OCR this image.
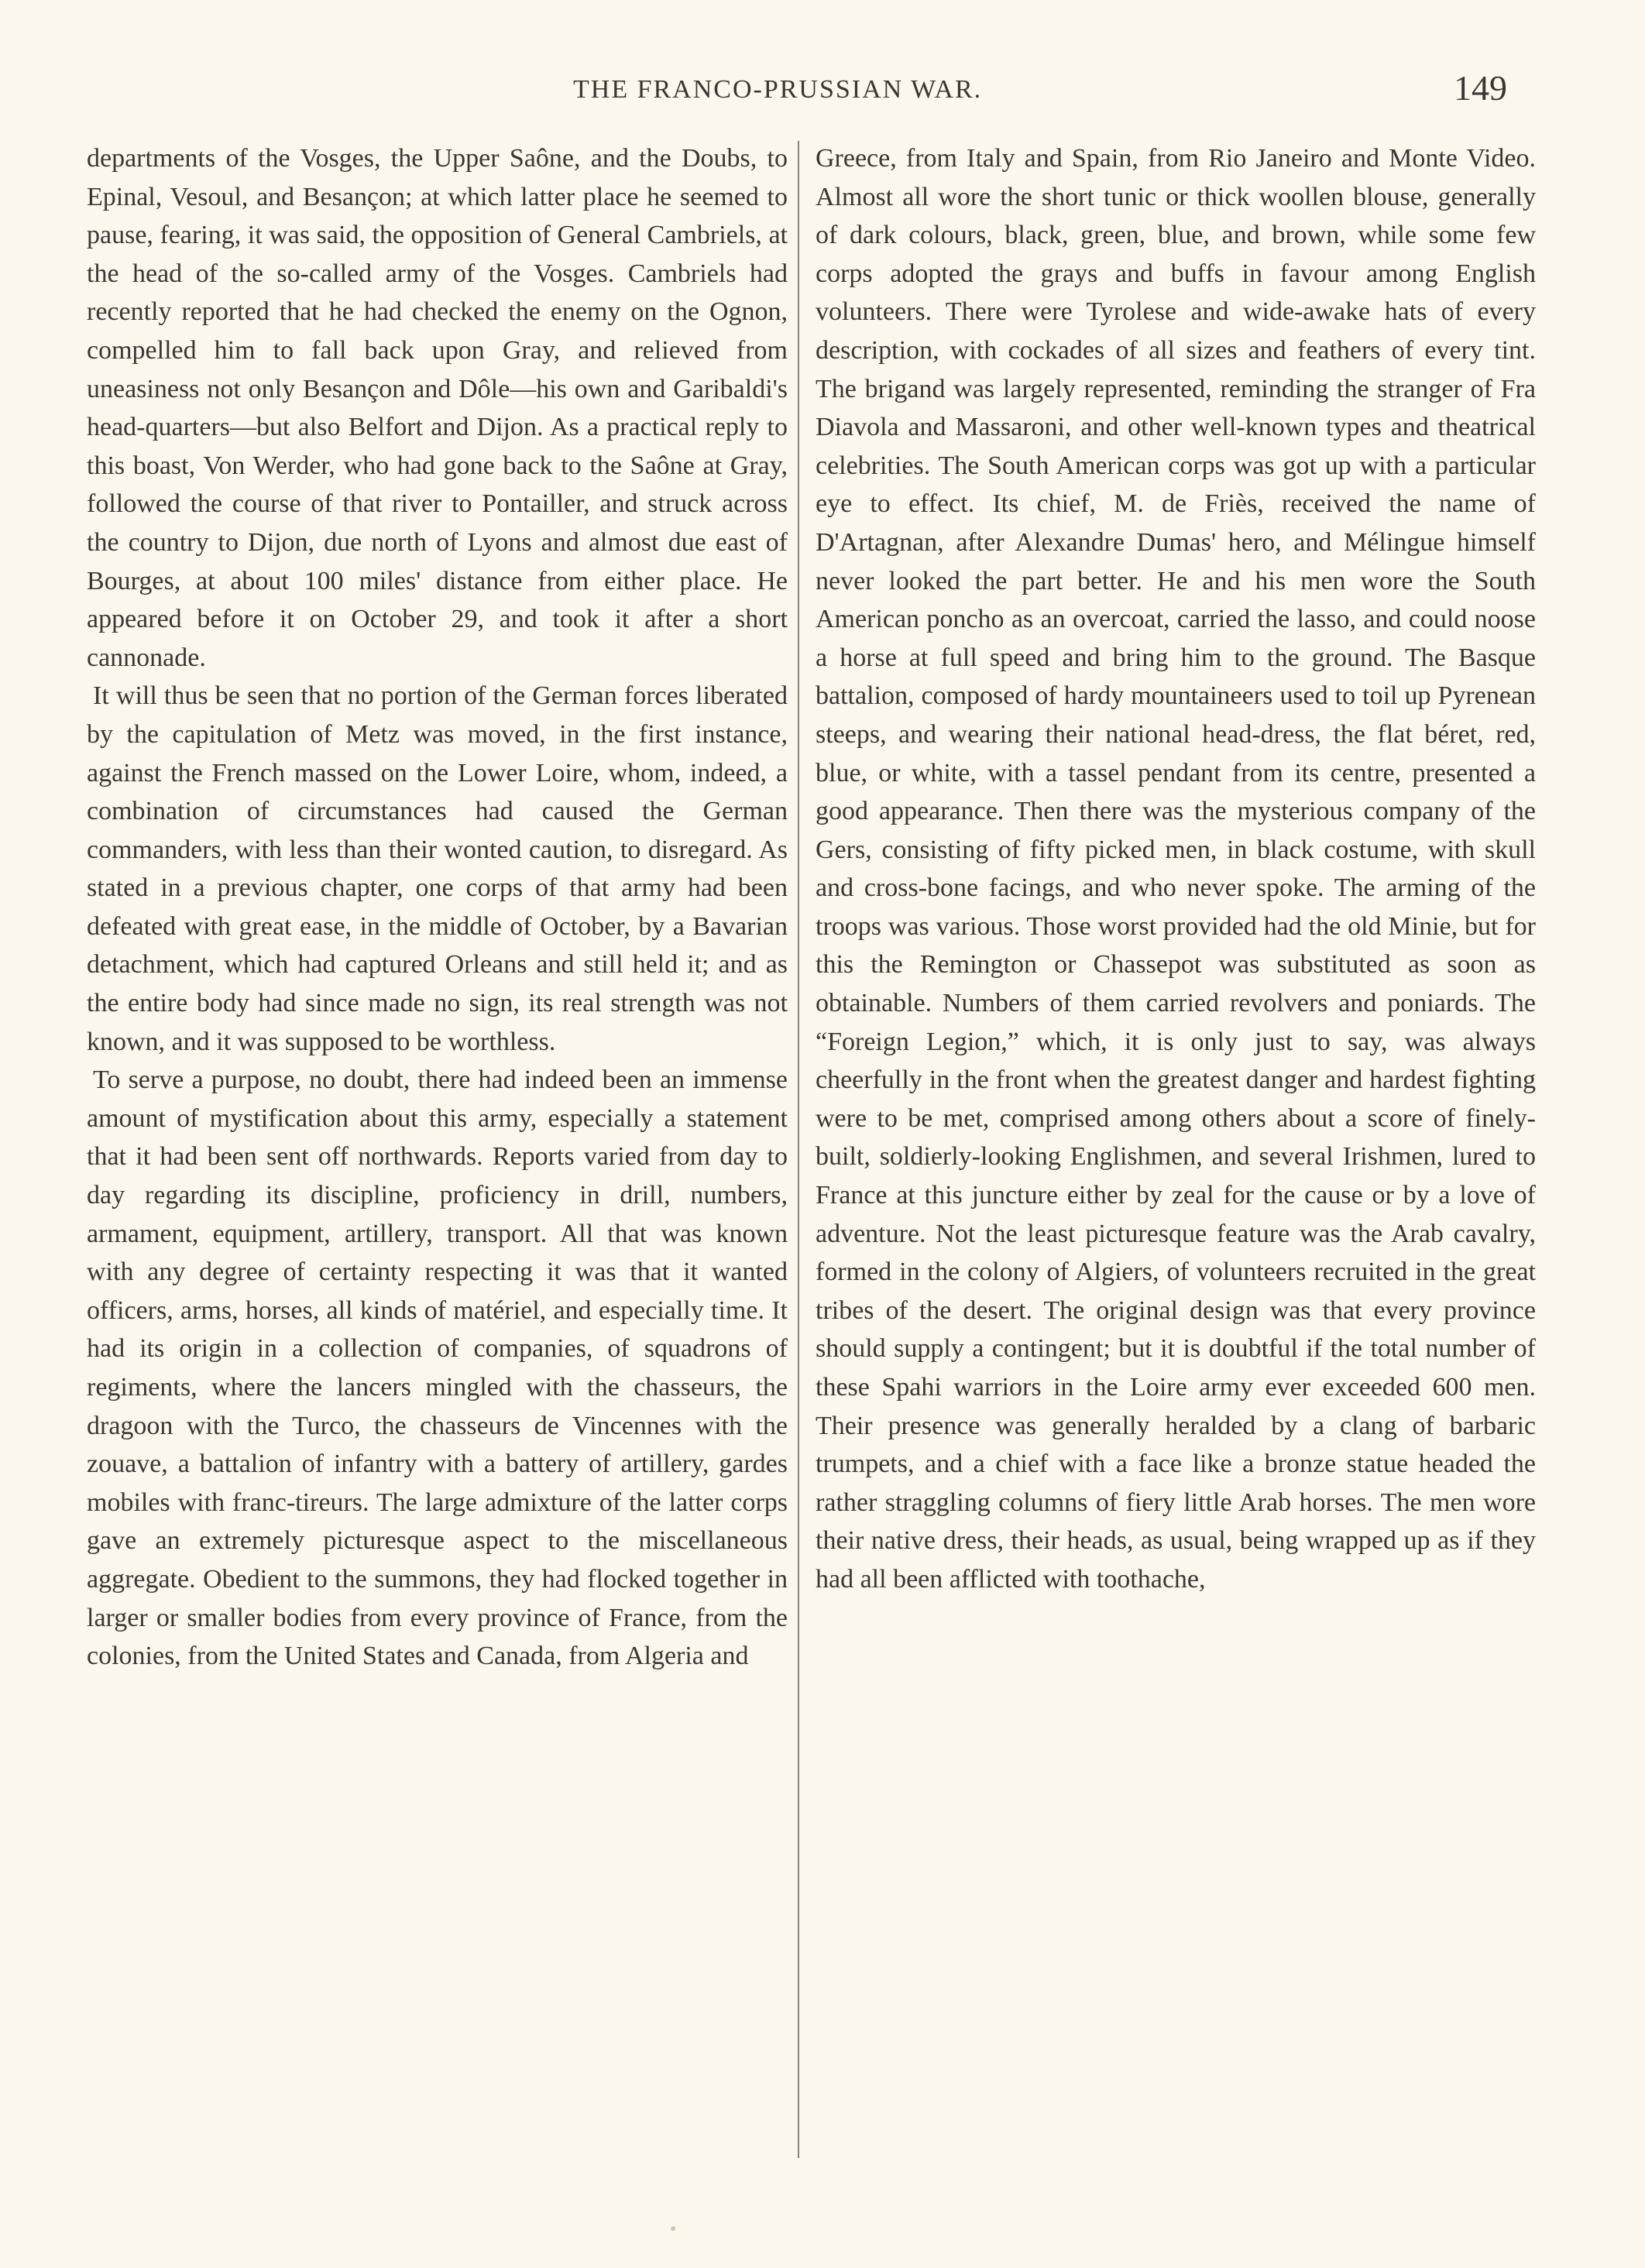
THE FRANCO-PRUSSIAN WAR.	149

departments of the Vosges, the Upper Saône, and the Doubs, to Epinal, Vesoul, and Besançon; at which latter place he seemed to pause, fearing, it was said, the opposition of General Cambriels, at the head of the so-called army of the Vosges. Cambriels had recently reported that he had checked the enemy on the Ognon, compelled him to fall back upon Gray, and relieved from uneasiness not only Besançon and Dôle—his own and Garibaldi's head-quarters—but also Belfort and Dijon. As a practical reply to this boast, Von Werder, who had gone back to the Saône at Gray, followed the course of that river to Pontailler, and struck across the country to Dijon, due north of Lyons and almost due east of Bourges, at about 100 miles' distance from either place. He appeared before it on October 29, and took it after a short cannonade.

It will thus be seen that no portion of the German forces liberated by the capitulation of Metz was moved, in the first instance, against the French massed on the Lower Loire, whom, indeed, a combination of circumstances had caused the German commanders, with less than their wonted caution, to disregard. As stated in a previous chapter, one corps of that army had been defeated with great ease, in the middle of October, by a Bavarian detachment, which had captured Orleans and still held it; and as the entire body had since made no sign, its real strength was not known, and it was supposed to be worthless.

To serve a purpose, no doubt, there had indeed been an immense amount of mystification about this army, especially a statement that it had been sent off northwards. Reports varied from day to day regarding its discipline, proficiency in drill, numbers, armament, equipment, artillery, transport. All that was known with any degree of certainty respecting it was that it wanted officers, arms, horses, all kinds of matériel, and especially time. It had its origin in a collection of companies, of squadrons of regiments, where the lancers mingled with the chasseurs, the dragoon with the Turco, the chasseurs de Vincennes with the zouave, a battalion of infantry with a battery of artillery, gardes mobiles with franc-tireurs. The large admixture of the latter corps gave an extremely picturesque aspect to the miscellaneous aggregate. Obedient to the summons, they had flocked together in larger or smaller bodies from every province of France, from the colonies, from the United States and Canada, from Algeria and

Greece, from Italy and Spain, from Rio Janeiro and Monte Video. Almost all wore the short tunic or thick woollen blouse, generally of dark colours, black, green, blue, and brown, while some few corps adopted the grays and buffs in favour among English volunteers. There were Tyrolese and wide-awake hats of every description, with cockades of all sizes and feathers of every tint. The brigand was largely represented, reminding the stranger of Fra Diavola and Massaroni, and other well-known types and theatrical celebrities. The South American corps was got up with a particular eye to effect. Its chief, M. de Friès, received the name of D'Artagnan, after Alexandre Dumas' hero, and Mélingue himself never looked the part better. He and his men wore the South American poncho as an overcoat, carried the lasso, and could noose a horse at full speed and bring him to the ground. The Basque battalion, composed of hardy mountaineers used to toil up Pyrenean steeps, and wearing their national head-dress, the flat béret, red, blue, or white, with a tassel pendant from its centre, presented a good appearance. Then there was the mysterious company of the Gers, consisting of fifty picked men, in black costume, with skull and cross-bone facings, and who never spoke. The arming of the troops was various. Those worst provided had the old Minie, but for this the Remington or Chassepot was substituted as soon as obtainable. Numbers of them carried revolvers and poniards. The “Foreign Legion,” which, it is only just to say, was always cheerfully in the front when the greatest danger and hardest fighting were to be met, comprised among others about a score of finely-built, soldierly-looking Englishmen, and several Irishmen, lured to France at this juncture either by zeal for the cause or by a love of adventure. Not the least picturesque feature was the Arab cavalry, formed in the colony of Algiers, of volunteers recruited in the great tribes of the desert. The original design was that every province should supply a contingent; but it is doubtful if the total number of these Spahi warriors in the Loire army ever exceeded 600 men. Their presence was generally heralded by a clang of barbaric trumpets, and a chief with a face like a bronze statue headed the rather straggling columns of fiery little Arab horses. The men wore their native dress, their heads, as usual, being wrapped up as if they had all been afflicted with toothache,
